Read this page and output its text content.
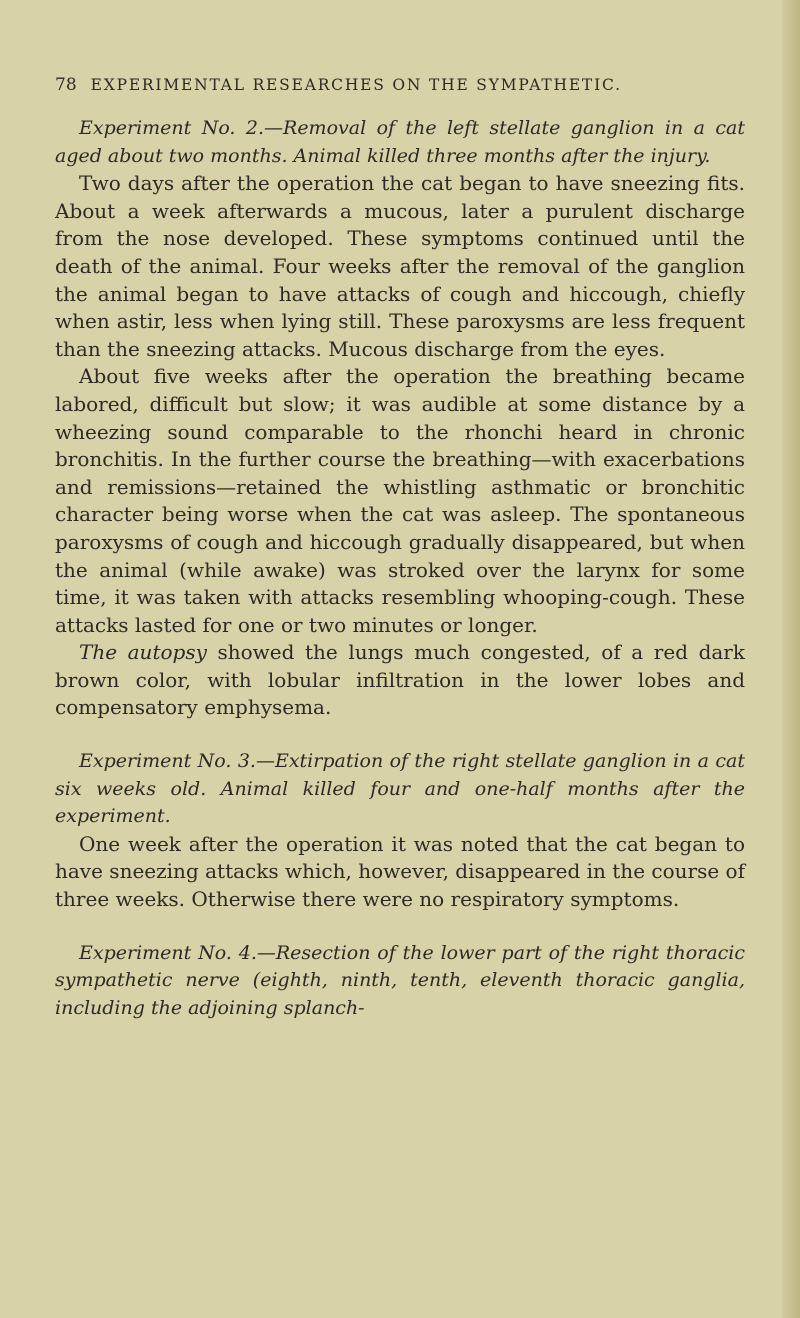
78 EXPERIMENTAL RESEARCHES ON THE SYMPATHETIC.

Experiment No. 2.—Removal of the left stellate ganglion in a cat aged about two months. Animal killed three months after the injury.

Two days after the operation the cat began to have sneezing fits. About a week afterwards a mucous, later a purulent discharge from the nose developed. These symptoms continued until the death of the animal. Four weeks after the removal of the ganglion the animal began to have attacks of cough and hiccough, chiefly when astir, less when lying still. These paroxysms are less frequent than the sneezing attacks. Mucous discharge from the eyes.

About five weeks after the operation the breathing became labored, difficult but slow; it was audible at some distance by a wheezing sound comparable to the rhonchi heard in chronic bronchitis. In the further course the breathing—with exacerbations and remissions—retained the whistling asthmatic or bronchitic character being worse when the cat was asleep. The spontaneous paroxysms of cough and hiccough gradually disappeared, but when the animal (while awake) was stroked over the larynx for some time, it was taken with attacks resembling whooping-cough. These attacks lasted for one or two minutes or longer.

The autopsy showed the lungs much congested, of a red dark brown color, with lobular infiltration in the lower lobes and compensatory emphysema.

Experiment No. 3.—Extirpation of the right stellate ganglion in a cat six weeks old. Animal killed four and one-half months after the experiment.

One week after the operation it was noted that the cat began to have sneezing attacks which, however, disappeared in the course of three weeks. Otherwise there were no respiratory symptoms.

Experiment No. 4.—Resection of the lower part of the right thoracic sympathetic nerve (eighth, ninth, tenth, eleventh thoracic ganglia, including the adjoining splanch-
